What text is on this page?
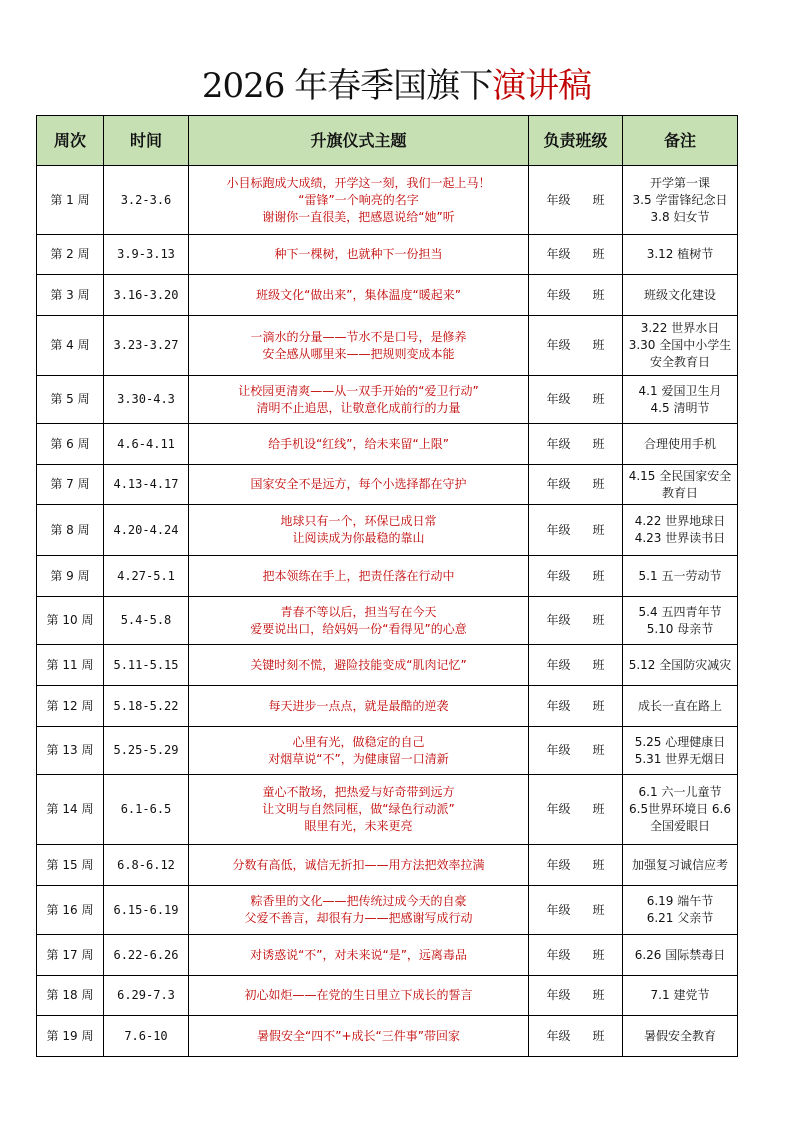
2026 年春季国旗下演讲稿
周次	时间	升旗仪式主题	负责班级	备注
第 1 周	3.2-3.6	小目标跑成大成绩，开学这一刻，我们一起上马！
“雷锋”一个响亮的名字
谢谢你一直很美，把感恩说给“她”听	年级 班	开学第一课
3.5 学雷锋纪念日
3.8 妇女节

第 2 周	3.9-3.13	种下一棵树，也就种下一份担当	年级 班	3.12 植树节

第 3 周	3.16-3.20	班级文化“做出来”，集体温度“暖起来”	年级 班	班级文化建设

第 4 周	3.23-3.27	一滴水的分量——节水不是口号，是修养
安全感从哪里来——把规则变成本能	年级 班	3.22 世界水日
3.30 全国中小学生
安全教育日

第 5 周	3.30-4.3	让校园更清爽——从一双手开始的“爱卫行动”
清明不止追思，让敬意化成前行的力量	年级 班	4.1 爱国卫生月
4.5 清明节

第 6 周	4.6-4.11	给手机设“红线”，给未来留“上限”	年级 班	合理使用手机

第 7 周	4.13-4.17	国家安全不是远方，每个小选择都在守护	年级 班	4.15 全民国家安全
教育日

第 8 周	4.20-4.24	地球只有一个，环保已成日常
让阅读成为你最稳的靠山	年级 班	4.22 世界地球日
4.23 世界读书日

第 9 周	4.27-5.1	把本领练在手上，把责任落在行动中	年级 班	5.1 五一劳动节

第 10 周	5.4-5.8	青春不等以后，担当写在今天
爱要说出口，给妈妈一份“看得见”的心意	年级 班	5.4 五四青年节
5.10 母亲节

第 11 周	5.11-5.15	关键时刻不慌，避险技能变成“肌肉记忆”	年级 班	5.12 全国防灾减灾

第 12 周	5.18-5.22	每天进步一点点，就是最酷的逆袭	年级 班	成长一直在路上

第 13 周	5.25-5.29	心里有光，做稳定的自己
对烟草说“不”，为健康留一口清新	年级 班	5.25 心理健康日
5.31 世界无烟日

第 14 周	6.1-6.5	童心不散场，把热爱与好奇带到远方
让文明与自然同框，做“绿色行动派”
眼里有光，未来更亮	年级 班	6.1 六一儿童节
6.5世界环境日 6.6
全国爱眼日

第 15 周	6.8-6.12	分数有高低，诚信无折扣——用方法把效率拉满	年级 班	加强复习诚信应考

第 16 周	6.15-6.19	粽香里的文化——把传统过成今天的自豪
父爱不善言，却很有力——把感谢写成行动	年级 班	6.19 端午节
6.21 父亲节

第 17 周	6.22-6.26	对诱惑说“不”，对未来说“是”，远离毒品	年级 班	6.26 国际禁毒日

第 18 周	6.29-7.3	初心如炬——在党的生日里立下成长的誓言	年级 班	7.1 建党节

第 19 周	7.6-10	暑假安全“四不”+成长“三件事”带回家	年级 班	暑假安全教育
